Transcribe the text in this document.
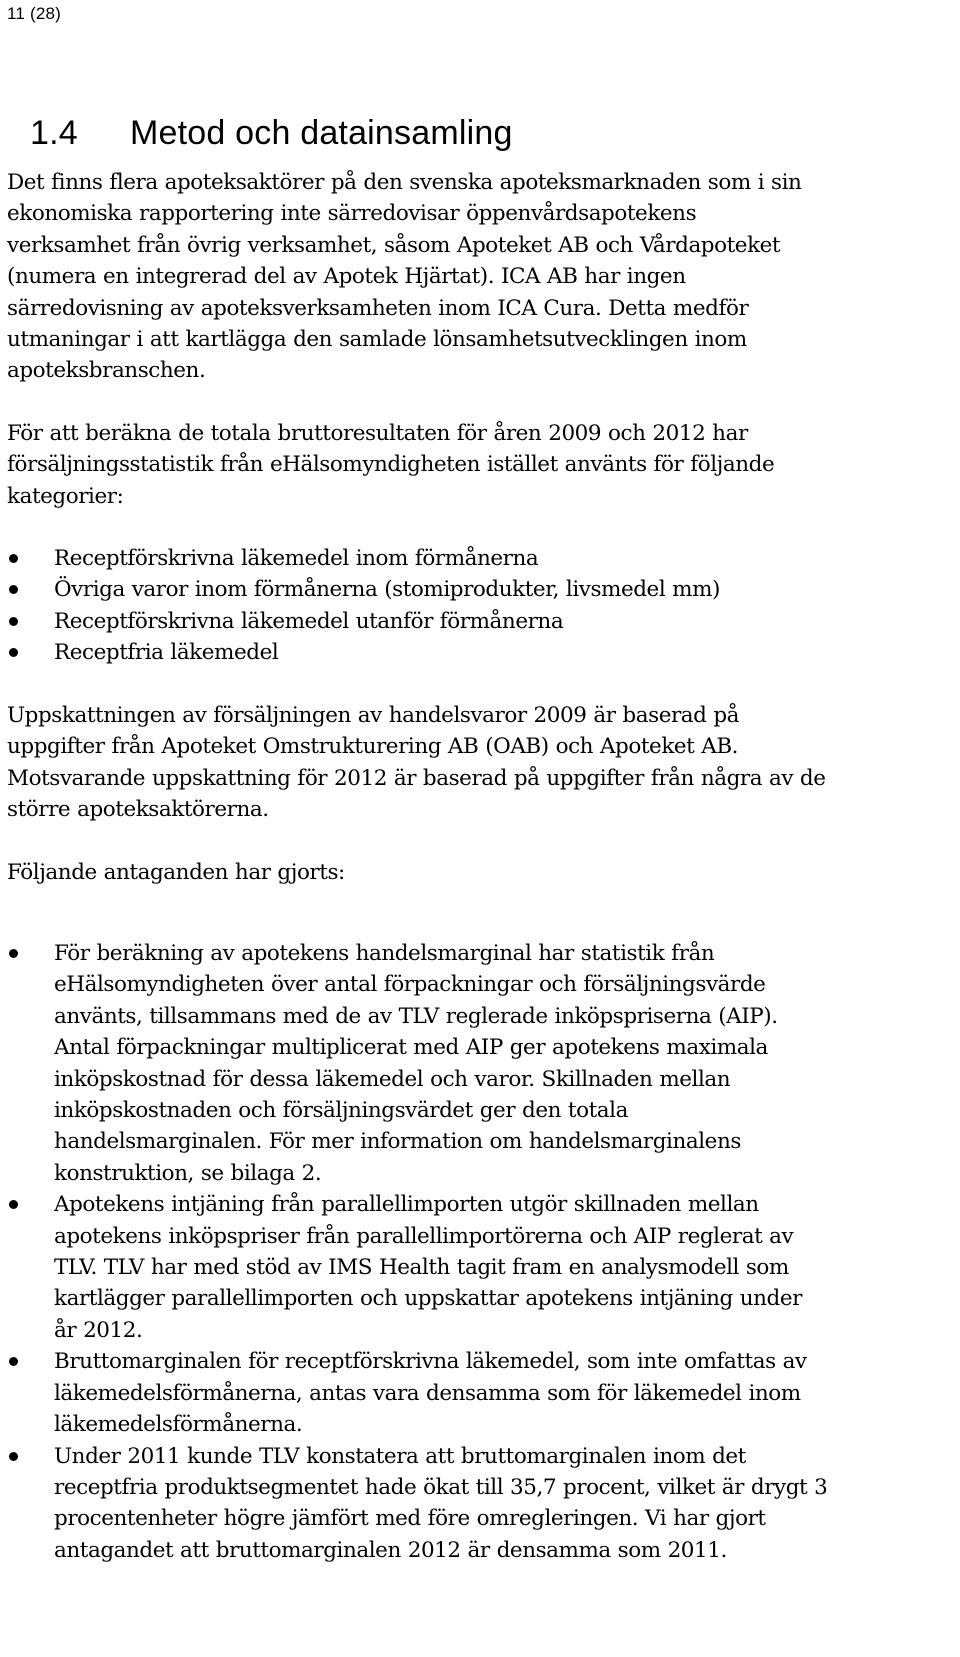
11 (28)
1.4 Metod och datainsamling
Det finns flera apoteksaktörer på den svenska apoteksmarknaden som i sin
ekonomiska rapportering inte särredovisar öppenvårdsapotekens
verksamhet från övrig verksamhet, såsom Apoteket AB och Vårdapoteket
(numera en integrerad del av Apotek Hjärtat). ICA AB har ingen
särredovisning av apoteksverksamheten inom ICA Cura. Detta medför
utmaningar i att kartlägga den samlade lönsamhetsutvecklingen inom
apoteksbranschen.
För att beräkna de totala bruttoresultaten för åren 2009 och 2012 har
försäljningsstatistik från eHälsomyndigheten istället använts för följande
kategorier:
Receptförskrivna läkemedel inom förmånerna
Övriga varor inom förmånerna (stomiprodukter, livsmedel mm)
Receptförskrivna läkemedel utanför förmånerna
Receptfria läkemedel
Uppskattningen av försäljningen av handelsvaror 2009 är baserad på
uppgifter från Apoteket Omstrukturering AB (OAB) och Apoteket AB.
Motsvarande uppskattning för 2012 är baserad på uppgifter från några av de
större apoteksaktörerna.
Följande antaganden har gjorts:
För beräkning av apotekens handelsmarginal har statistik från
eHälsomyndigheten över antal förpackningar och försäljningsvärde
använts, tillsammans med de av TLV reglerade inköpspriserna (AIP).
Antal förpackningar multiplicerat med AIP ger apotekens maximala
inköpskostnad för dessa läkemedel och varor. Skillnaden mellan
inköpskostnaden och försäljningsvärdet ger den totala
handelsmarginalen. För mer information om handelsmarginalens
konstruktion, se bilaga 2.
Apotekens intjäning från parallellimporten utgör skillnaden mellan
apotekens inköpspriser från parallellimportörerna och AIP reglerat av
TLV. TLV har med stöd av IMS Health tagit fram en analysmodell som
kartlägger parallellimporten och uppskattar apotekens intjäning under
år 2012.
Bruttomarginalen för receptförskrivna läkemedel, som inte omfattas av
läkemedelsförmånerna, antas vara densamma som för läkemedel inom
läkemedelsförmånerna.
Under 2011 kunde TLV konstatera att bruttomarginalen inom det
receptfria produktsegmentet hade ökat till 35,7 procent, vilket är drygt 3
procentenheter högre jämfört med före omregleringen. Vi har gjort
antagandet att bruttomarginalen 2012 är densamma som 2011.
